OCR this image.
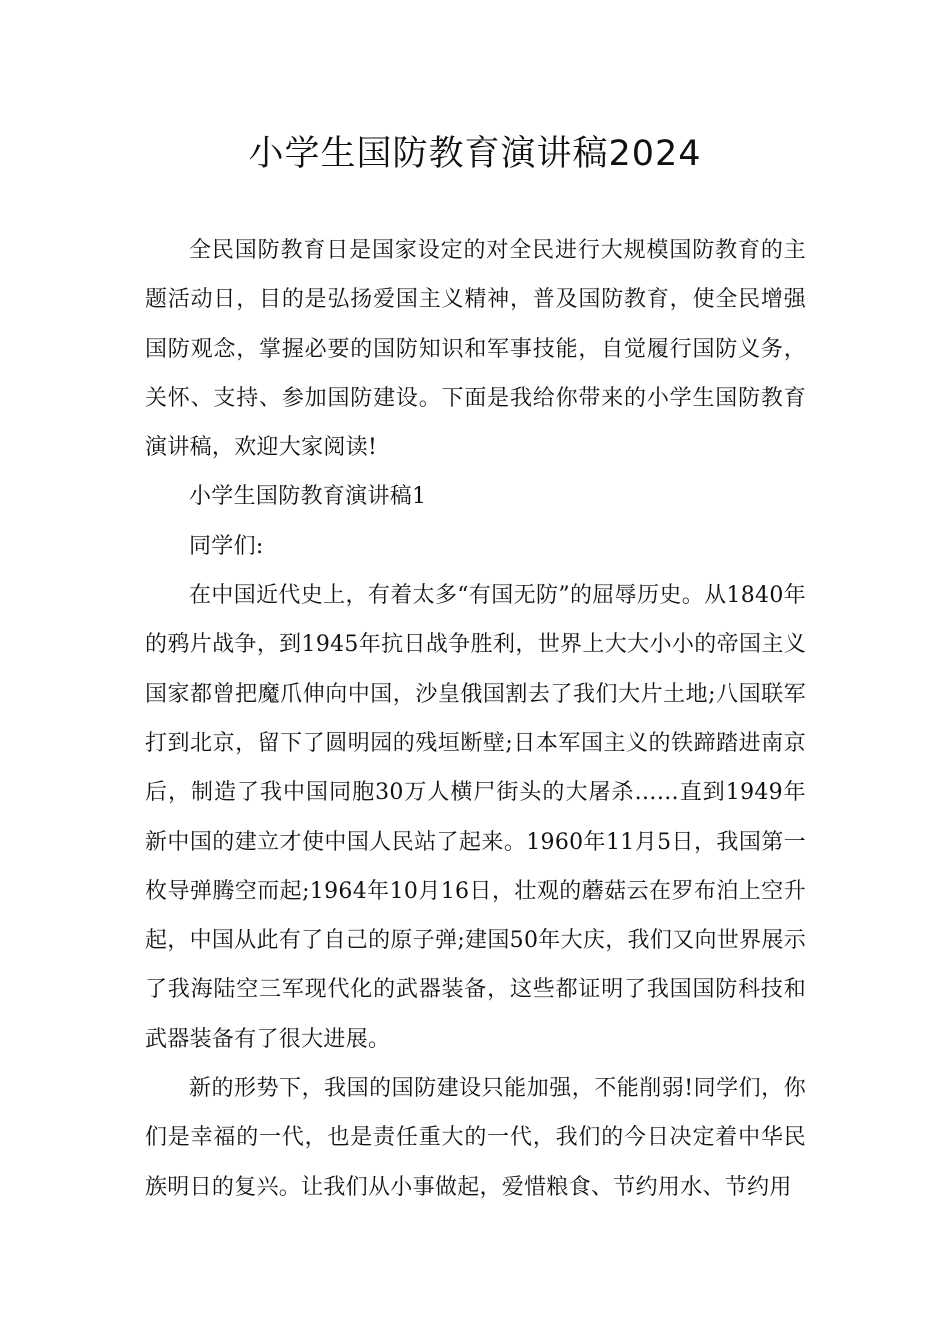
小学生国防教育演讲稿2024

全民国防教育日是国家设定的对全民进行大规模国防教育的主题活动日，目的是弘扬爱国主义精神，普及国防教育，使全民增强国防观念，掌握必要的国防知识和军事技能，自觉履行国防义务，关怀、支持、参加国防建设。下面是我给你带来的小学生国防教育演讲稿，欢迎大家阅读!

小学生国防教育演讲稿1

同学们:

在中国近代史上，有着太多“有国无防”的屈辱历史。从1840年的鸦片战争，到1945年抗日战争胜利，世界上大大小小的帝国主义国家都曾把魔爪伸向中国，沙皇俄国割去了我们大片土地;八国联军打到北京，留下了圆明园的残垣断壁;日本军国主义的铁蹄踏进南京后，制造了我中国同胞30万人横尸街头的大屠杀……直到1949年新中国的建立才使中国人民站了起来。1960年11月5日，我国第一枚导弹腾空而起;1964年10月16日，壮观的蘑菇云在罗布泊上空升起，中国从此有了自己的原子弹;建国50年大庆，我们又向世界展示了我海陆空三军现代化的武器装备，这些都证明了我国国防科技和武器装备有了很大进展。

新的形势下，我国的国防建设只能加强，不能削弱!同学们，你们是幸福的一代，也是责任重大的一代，我们的今日决定着中华民族明日的复兴。让我们从小事做起，爱惜粮食、节约用水、节约用
